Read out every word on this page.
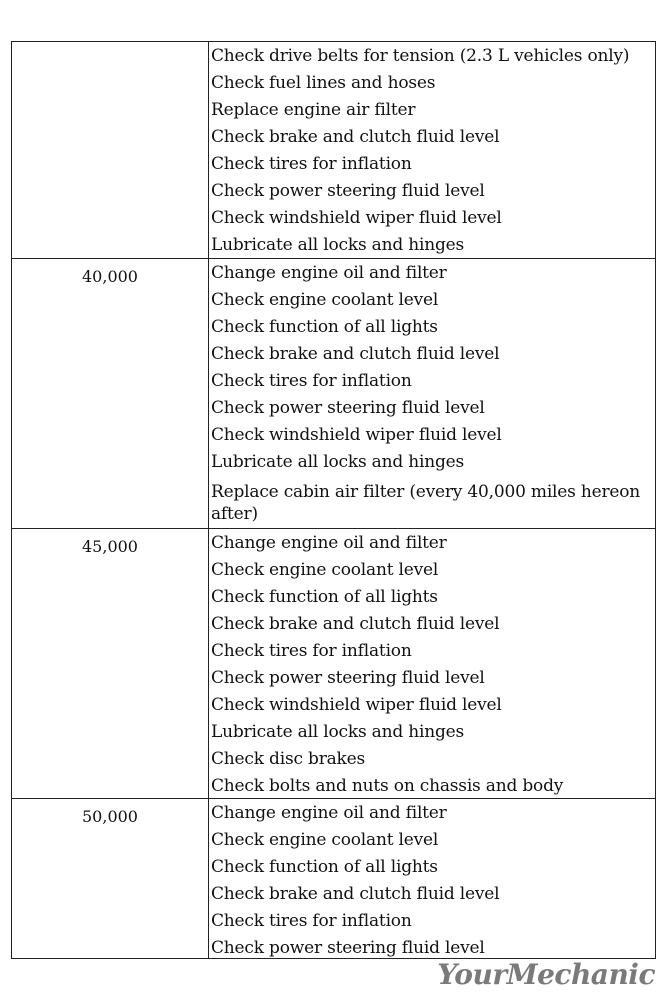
Check drive belts for tension (2.3 L vehicles only)
Check fuel lines and hoses
Replace engine air filter
Check brake and clutch fluid level
Check tires for inflation
Check power steering fluid level
Check windshield wiper fluid level
Lubricate all locks and hinges
40,000	Change engine oil and filter
Check engine coolant level
Check function of all lights
Check brake and clutch fluid level
Check tires for inflation
Check power steering fluid level
Check windshield wiper fluid level
Lubricate all locks and hinges
Replace cabin air filter (every 40,000 miles hereon after)
45,000	Change engine oil and filter
Check engine coolant level
Check function of all lights
Check brake and clutch fluid level
Check tires for inflation
Check power steering fluid level
Check windshield wiper fluid level
Lubricate all locks and hinges
Check disc brakes
Check bolts and nuts on chassis and body
50,000	Change engine oil and filter
Check engine coolant level
Check function of all lights
Check brake and clutch fluid level
Check tires for inflation
Check power steering fluid level
YourMechanic
